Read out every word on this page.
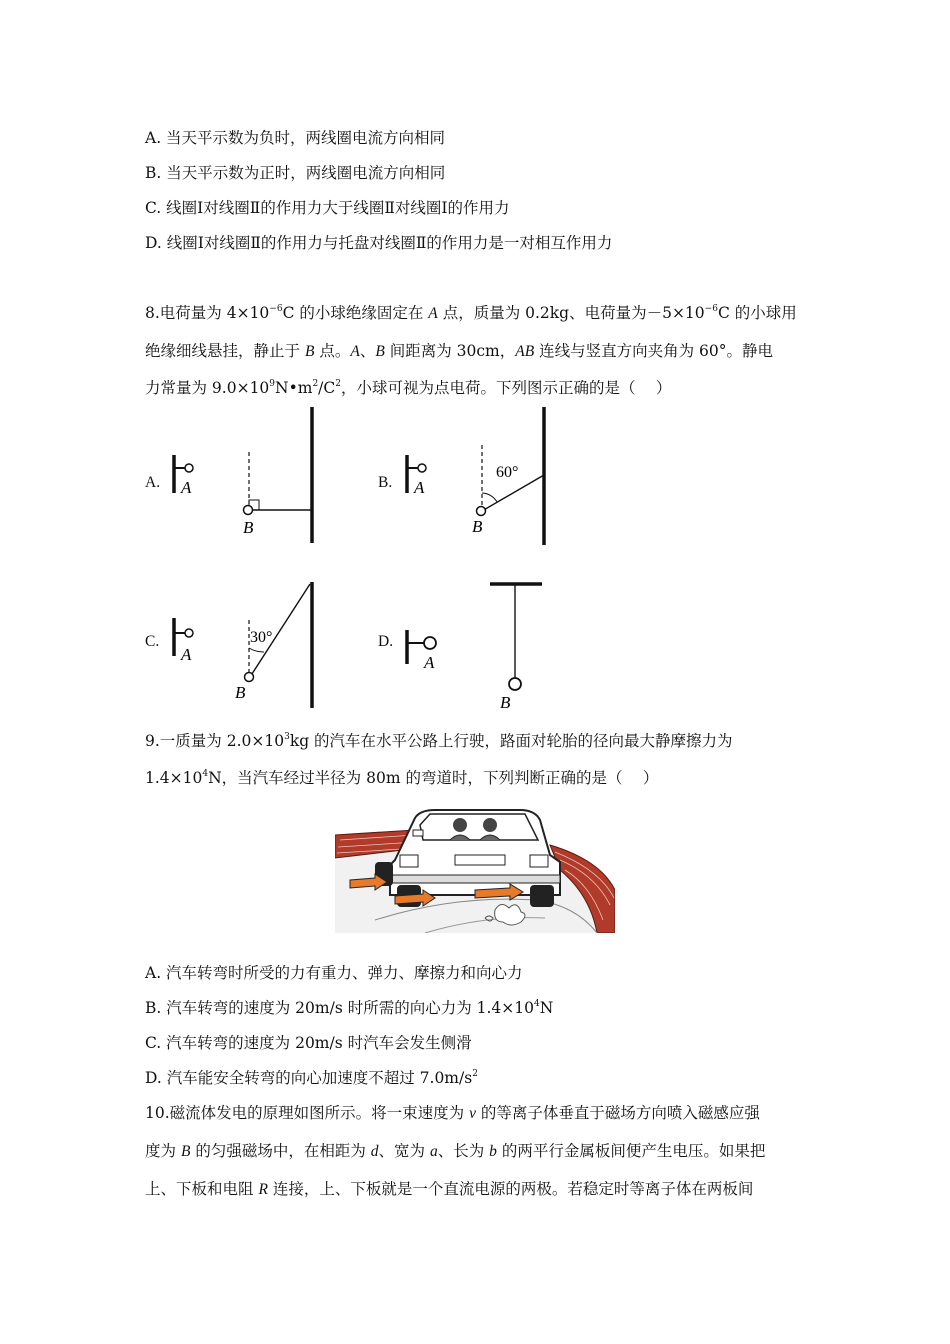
A. 当天平示数为负时，两线圈电流方向相同
B. 当天平示数为正时，两线圈电流方向相同
C. 线圈Ⅰ对线圈Ⅱ的作用力大于线圈Ⅱ对线圈Ⅰ的作用力
D. 线圈Ⅰ对线圈Ⅱ的作用力与托盘对线圈Ⅱ的作用力是一对相互作用力
8.电荷量为 $4\times 10^{-6}C$ 的小球绝缘固定在 A 点，质量为 0.2kg、电荷量为$-5\times 10^{-6}C$ 的小球用
绝缘细线悬挂，静止于 B 点。A、B 间距离为 30cm，AB 连线与竖直方向夹角为 60°。静电
力常量为 $9.0\times 10^9N•m^2/C^2$，小球可视为点电荷。下列图示正确的是（　 ）
A.	B.
C.	D.
A
B
A
60°
B
A
30°
B
A
B
9.一质量为 $2.0\times 10^3kg$ 的汽车在水平公路上行驶，路面对轮胎的径向最大静摩擦力为
$1.4\times 10^4N$，当汽车经过半径为 80m 的弯道时，下列判断正确的是（　 ）
A. 汽车转弯时所受的力有重力、弹力、摩擦力和向心力
B. 汽车转弯的速度为 20m/s 时所需的向心力为 $1.4\times 10^4N$
C. 汽车转弯的速度为 20m/s 时汽车会发生侧滑
D. 汽车能安全转弯的向心加速度不超过 $7.0m/s^2$
10.磁流体发电的原理如图所示。将一束速度为 v 的等离子体垂直于磁场方向喷入磁感应强
度为 B 的匀强磁场中，在相距为 d、宽为 a、长为 b 的两平行金属板间便产生电压。如果把
上、下板和电阻 R 连接，上、下板就是一个直流电源的两极。若稳定时等离子体在两板间
